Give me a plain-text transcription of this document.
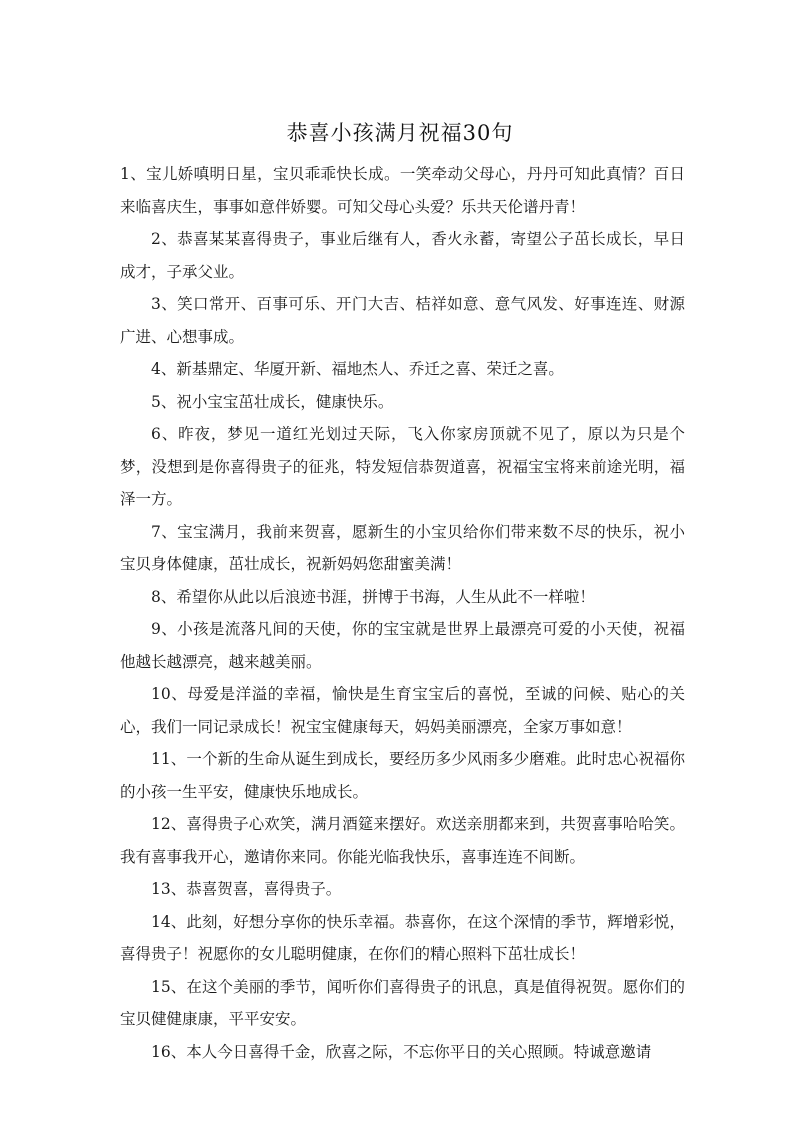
恭喜小孩满月祝福30句

1、宝儿娇嗔明日星，宝贝乖乖快长成。一笑牵动父母心，丹丹可知此真情？百日来临喜庆生，事事如意伴娇婴。可知父母心头爱？乐共天伦谱丹青！

2、恭喜某某喜得贵子，事业后继有人，香火永蓄，寄望公子茁长成长，早日成才，子承父业。

3、笑口常开、百事可乐、开门大吉、桔祥如意、意气风发、好事连连、财源广进、心想事成。

4、新基鼎定、华厦开新、福地杰人、乔迁之喜、荣迁之喜。

5、祝小宝宝茁壮成长，健康快乐。

6、昨夜，梦见一道红光划过天际，飞入你家房顶就不见了，原以为只是个梦，没想到是你喜得贵子的征兆，特发短信恭贺道喜，祝福宝宝将来前途光明，福泽一方。

7、宝宝满月，我前来贺喜，愿新生的小宝贝给你们带来数不尽的快乐，祝小宝贝身体健康，茁壮成长，祝新妈妈您甜蜜美满！

8、希望你从此以后浪迹书涯，拼博于书海，人生从此不一样啦！

9、小孩是流落凡间的天使，你的宝宝就是世界上最漂亮可爱的小天使，祝福他越长越漂亮，越来越美丽。

10、母爱是洋溢的幸福，愉快是生育宝宝后的喜悦，至诚的问候、贴心的关心，我们一同记录成长！祝宝宝健康每天，妈妈美丽漂亮，全家万事如意！

11、一个新的生命从诞生到成长，要经历多少风雨多少磨难。此时忠心祝福你的小孩一生平安，健康快乐地成长。

12、喜得贵子心欢笑，满月酒筵来摆好。欢送亲朋都来到，共贺喜事哈哈笑。我有喜事我开心，邀请你来同。你能光临我快乐，喜事连连不间断。

13、恭喜贺喜，喜得贵子。

14、此刻，好想分享你的快乐幸福。恭喜你，在这个深情的季节，辉增彩悦，喜得贵子！祝愿你的女儿聪明健康，在你们的精心照料下茁壮成长！

15、在这个美丽的季节，闻听你们喜得贵子的讯息，真是值得祝贺。愿你们的宝贝健健康康，平平安安。

16、本人今日喜得千金，欣喜之际，不忘你平日的关心照顾。特诚意邀请
